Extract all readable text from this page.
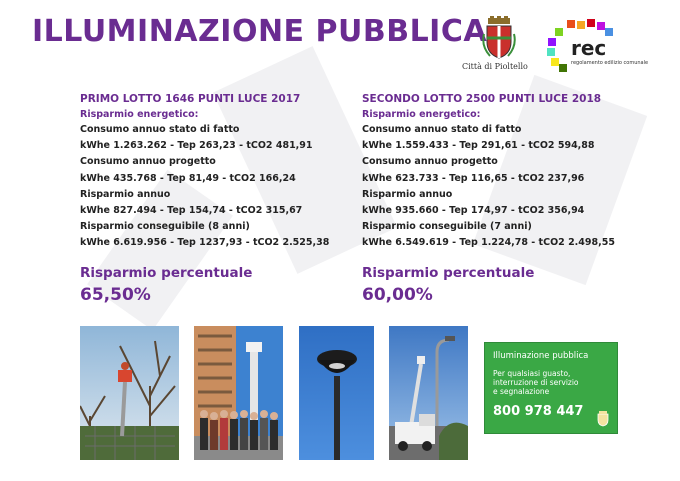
ILLUMINAZIONE PUBBLICA
Città di Pioltello
rec
regolamento edilizio comunale
PRIMO LOTTO 1646 PUNTI LUCE 2017
Risparmio energetico:
Consumo annuo stato di fatto
kWhe 1.263.262 - Tep 263,23 - tCO2 481,91
Consumo annuo progetto
kWhe 435.768 - Tep 81,49 - tCO2 166,24
Risparmio annuo
kWhe 827.494 - Tep 154,74 - tCO2 315,67
Risparmio conseguibile (8 anni)
kWhe 6.619.956 - Tep 1237,93 - tCO2 2.525,38
Risparmio percentuale
65,50%
SECONDO LOTTO 2500 PUNTI LUCE 2018
Risparmio energetico:
Consumo annuo stato di fatto
kWhe 1.559.433 - Tep 291,61 - tCO2 594,88
Consumo annuo progetto
kWhe 623.733 - Tep 116,65 - tCO2 237,96
Risparmio annuo
kWhe 935.660 - Tep 174,97 - tCO2 356,94
Risparmio conseguibile (7 anni)
kWhe 6.549.619 - Tep 1.224,78 - tCO2 2.498,55
Risparmio percentuale
60,00%
Illuminazione pubblica
Per qualsiasi guasto,
interruzione di servizio
e segnalazione
800 978 447
